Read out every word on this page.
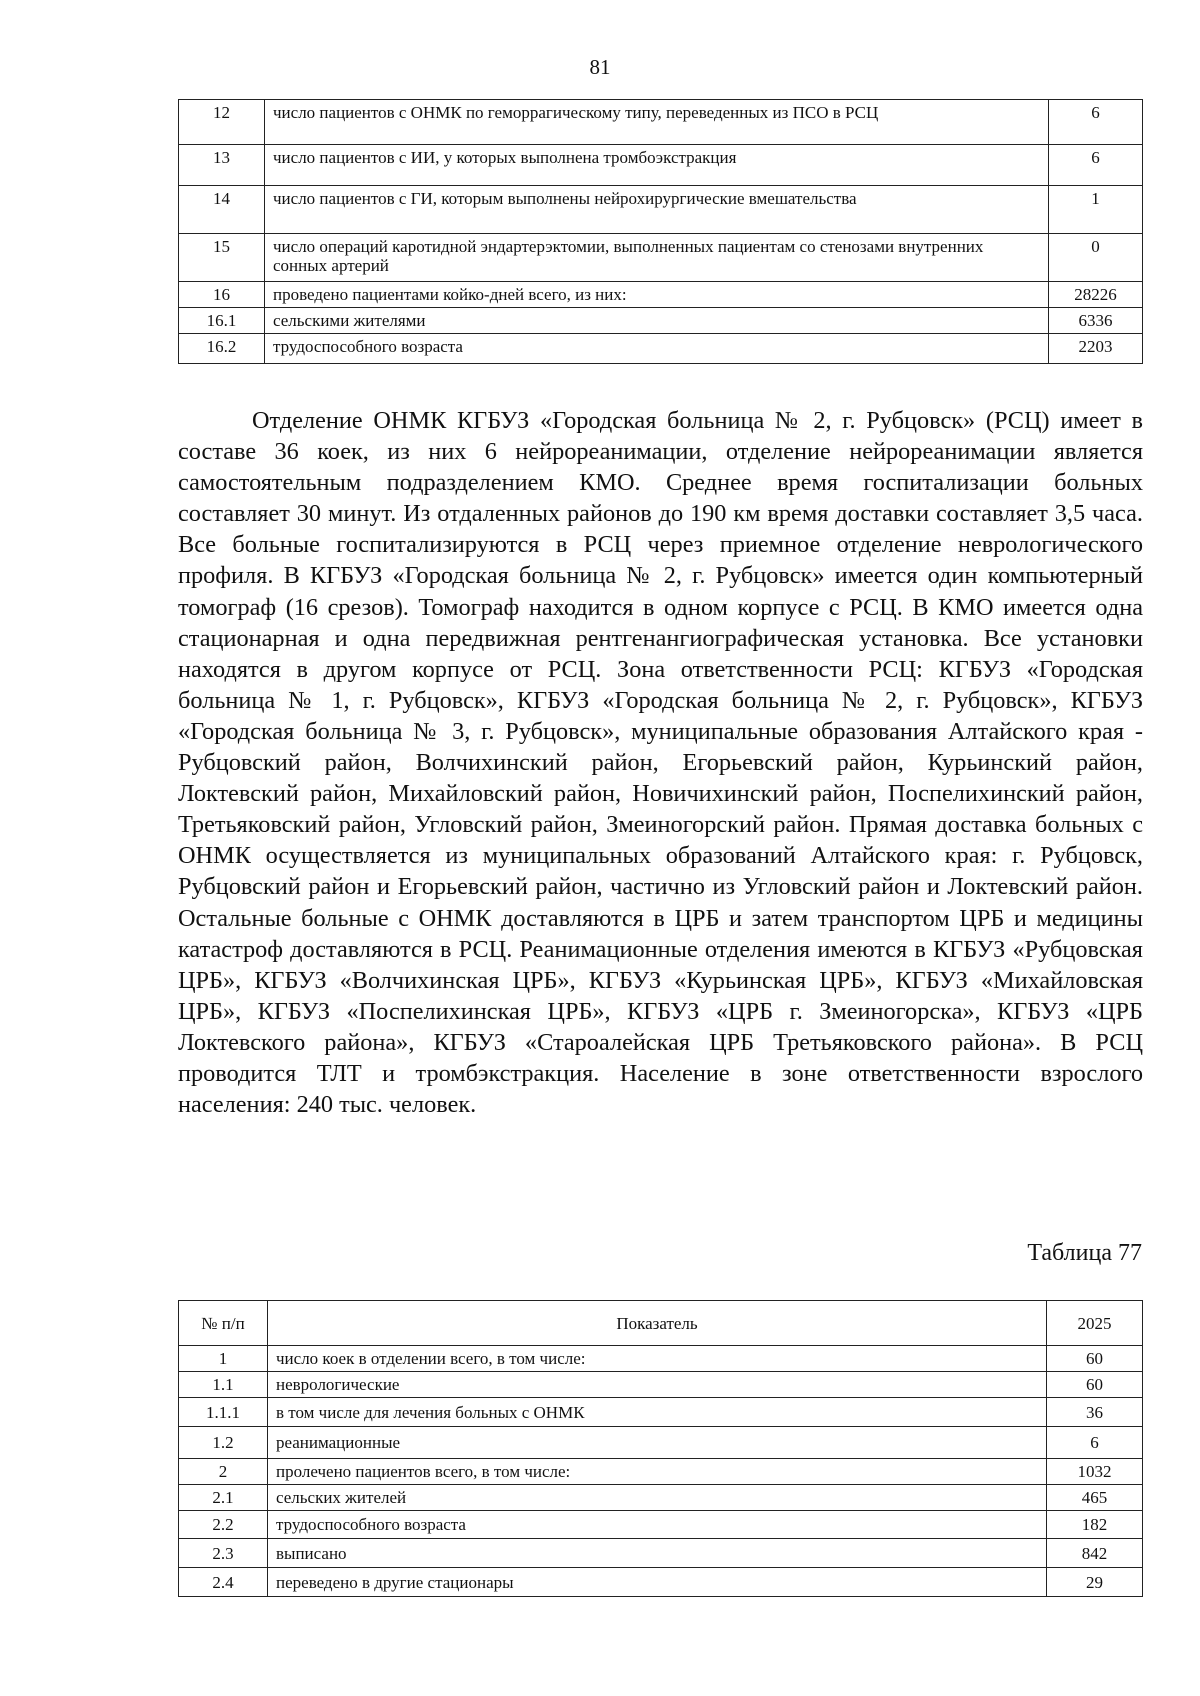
81
12	число пациентов с ОНМК по геморрагическому типу, переведенных из ПСО в РСЦ	6
13	число пациентов с ИИ, у которых выполнена тромбоэкстракция	6
14	число пациентов с ГИ, которым выполнены нейрохирургические вмешательства	1
15	число операций каротидной эндартерэктомии, выполненных пациентам со стенозами внутренних сонных артерий	0
16	проведено пациентами койко-дней всего, из них:	28226
16.1	сельскими жителями	6336
16.2	трудоспособного возраста	2203

Отделение ОНМК КГБУЗ «Городская больница № 2, г. Рубцовск» (РСЦ) имеет в составе 36 коек, из них 6 нейрореанимации, отделение нейрореанимации является самостоятельным подразделением КМО. Среднее время госпитализации больных составляет 30 минут. Из отдаленных районов до 190 км время доставки составляет 3,5 часа. Все больные госпитализируются в РСЦ через приемное отделение неврологического профиля. В КГБУЗ «Городская больница № 2, г. Рубцовск» имеется один компьютерный томограф (16 срезов). Томограф находится в одном корпусе с РСЦ. В КМО имеется одна стационарная и одна передвижная рентгенангиографическая установка. Все установки находятся в другом корпусе от РСЦ. Зона ответственности РСЦ: КГБУЗ «Городская больница № 1, г. Рубцовск», КГБУЗ «Городская больница № 2, г. Рубцовск», КГБУЗ «Городская больница № 3, г. Рубцовск», муниципальные образования Алтайского края - Рубцовский район, Волчихинский район, Егорьевский район, Курьинский район, Локтевский район, Михайловский район, Новичихинский район, Поспелихинский район, Третьяковский район, Угловский район, Змеиногорский район. Прямая доставка больных с ОНМК осуществляется из муниципальных образований Алтайского края: г. Рубцовск, Рубцовский район и Егорьевский район, частично из Угловский район и Локтевский район. Остальные больные с ОНМК доставляются в ЦРБ и затем транспортом ЦРБ и медицины катастроф доставляются в РСЦ. Реанимационные отделения имеются в КГБУЗ «Рубцовская ЦРБ», КГБУЗ «Волчихинская ЦРБ», КГБУЗ «Курьинская ЦРБ», КГБУЗ «Михайловская ЦРБ», КГБУЗ «Поспелихинская ЦРБ», КГБУЗ «ЦРБ г. Змеиногорска», КГБУЗ «ЦРБ Локтевского района», КГБУЗ «Староалейская ЦРБ Третьяковского района». В РСЦ проводится ТЛТ и тромбэкстракция. Население в зоне ответственности взрослого населения: 240 тыс. человек.

Таблица 77
№ п/п	Показатель	2025
1	число коек в отделении всего, в том числе:	60
1.1	неврологические	60
1.1.1	в том числе для лечения больных с ОНМК	36
1.2	реанимационные	6
2	пролечено пациентов всего, в том числе:	1032
2.1	сельских жителей	465
2.2	трудоспособного возраста	182
2.3	выписано	842
2.4	переведено в другие стационары	29
